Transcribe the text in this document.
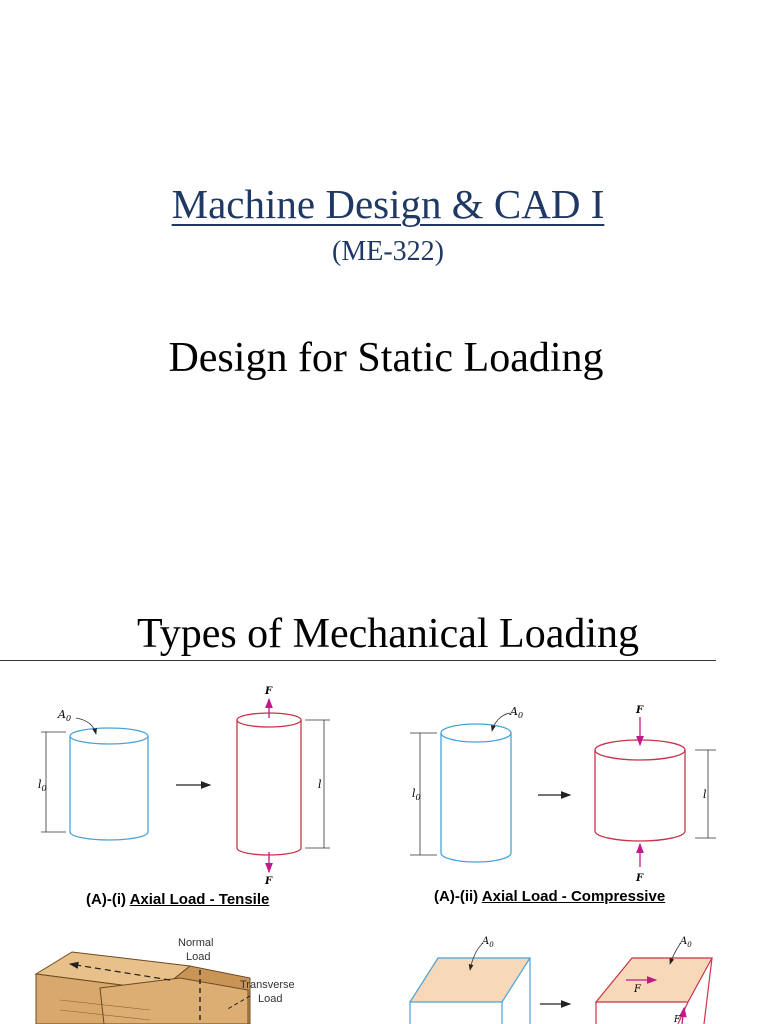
Machine Design & CAD I
(ME-322)
Design for Static Loading
Types of Mechanical Loading
$A_0$
$l_0$
F
F
l
(A)-(i) Axial Load - Tensile
$A_0$
$l_0$
F
F
l
(A)-(ii) Axial Load - Compressive
Normal
Load
Transverse
Load
$A_0$
F
$A_0$
F
